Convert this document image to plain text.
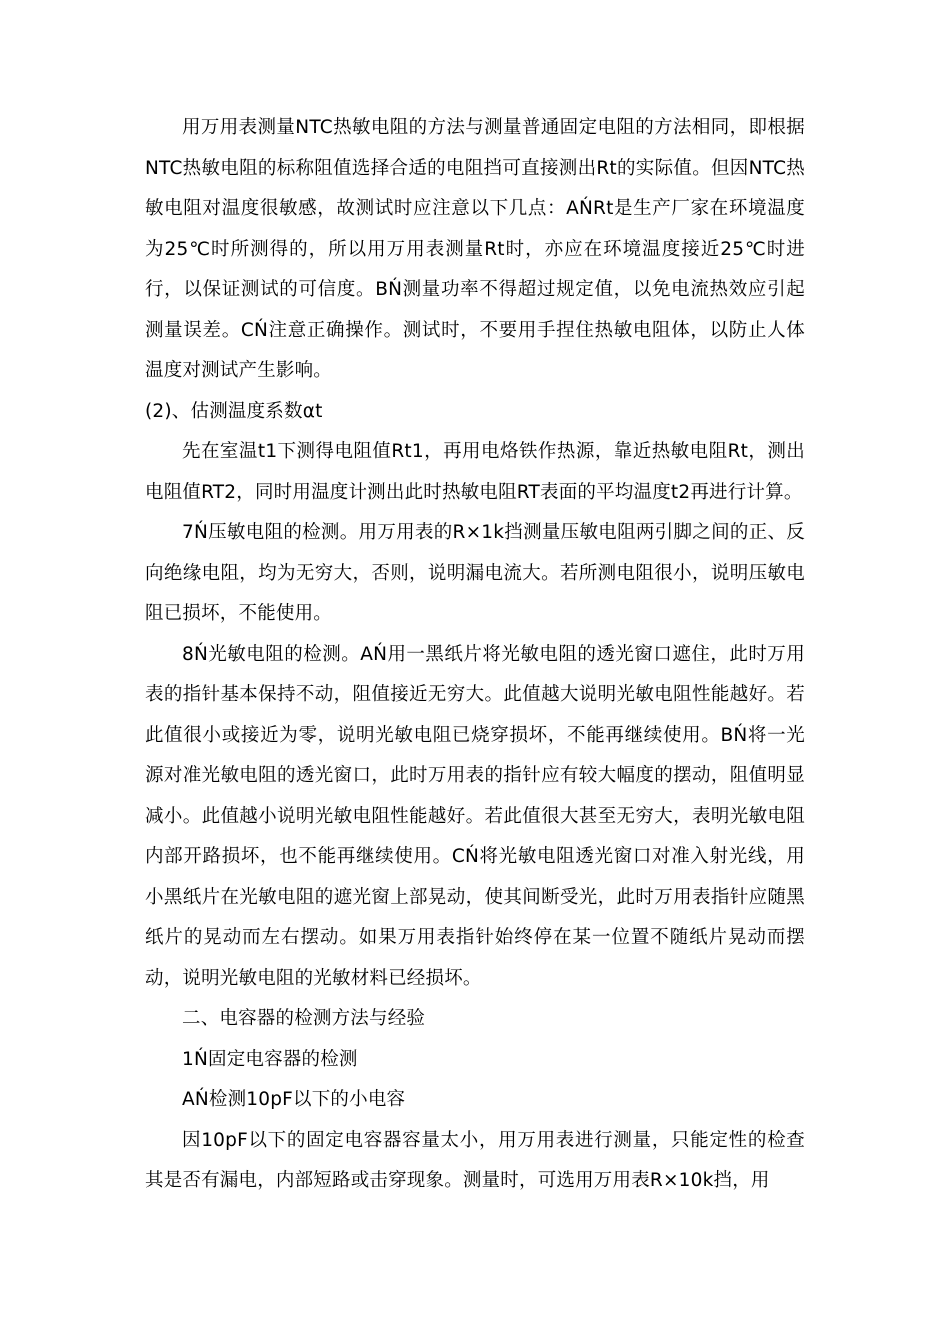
用万用表测量NTC热敏电阻的方法与测量普通固定电阻的方法相同，即根据NTC热敏电阻的标称阻值选择合适的电阻挡可直接测出Rt的实际值。但因NTC热敏电阻对温度很敏感，故测试时应注意以下几点：AŃRt是生产厂家在环境温度为25℃时所测得的，所以用万用表测量Rt时，亦应在环境温度接近25℃时进行，以保证测试的可信度。BŃ测量功率不得超过规定值，以免电流热效应引起测量误差。CŃ注意正确操作。测试时，不要用手捏住热敏电阻体，以防止人体温度对测试产生影响。

(2)、估测温度系数αt

先在室温t1下测得电阻值Rt1，再用电烙铁作热源，靠近热敏电阻Rt，测出电阻值RT2，同时用温度计测出此时热敏电阻RT表面的平均温度t2再进行计算。

7Ń压敏电阻的检测。用万用表的R×1k挡测量压敏电阻两引脚之间的正、反向绝缘电阻，均为无穷大，否则，说明漏电流大。若所测电阻很小，说明压敏电阻已损坏，不能使用。

8Ń光敏电阻的检测。AŃ用一黑纸片将光敏电阻的透光窗口遮住，此时万用表的指针基本保持不动，阻值接近无穷大。此值越大说明光敏电阻性能越好。若此值很小或接近为零，说明光敏电阻已烧穿损坏，不能再继续使用。BŃ将一光源对准光敏电阻的透光窗口，此时万用表的指针应有较大幅度的摆动，阻值明显减小。此值越小说明光敏电阻性能越好。若此值很大甚至无穷大，表明光敏电阻内部开路损坏，也不能再继续使用。CŃ将光敏电阻透光窗口对准入射光线，用小黑纸片在光敏电阻的遮光窗上部晃动，使其间断受光，此时万用表指针应随黑纸片的晃动而左右摆动。如果万用表指针始终停在某一位置不随纸片晃动而摆动，说明光敏电阻的光敏材料已经损坏。

二、电容器的检测方法与经验

1Ń固定电容器的检测

AŃ检测10pF以下的小电容

因10pF以下的固定电容器容量太小，用万用表进行测量，只能定性的检查其是否有漏电，内部短路或击穿现象。测量时，可选用万用表R×10k挡，用
